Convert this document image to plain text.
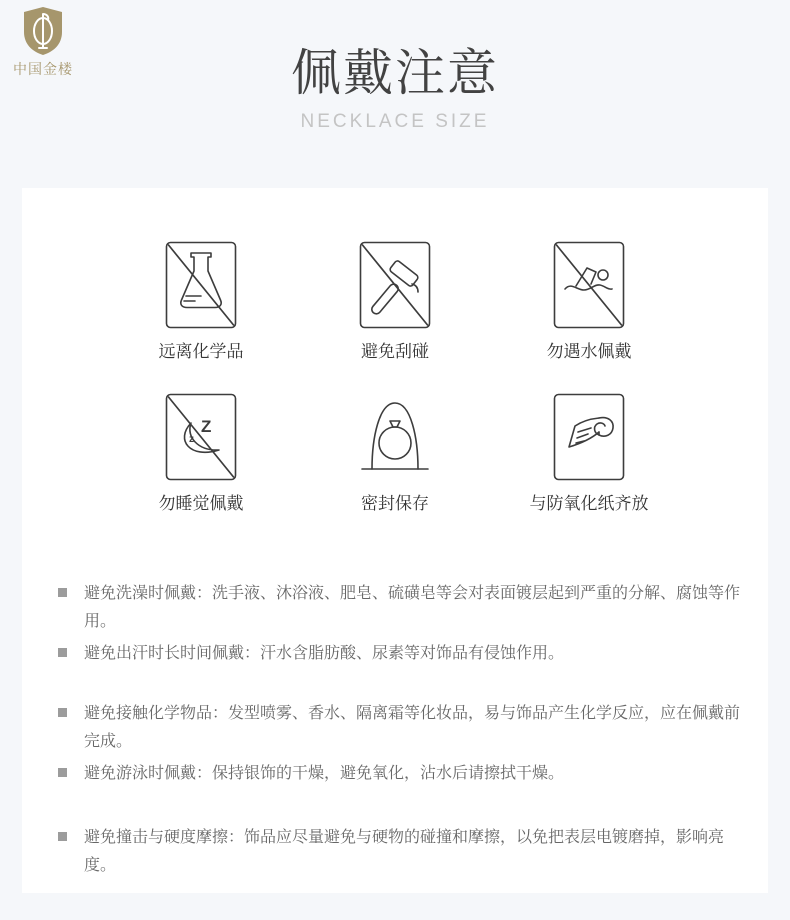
中国金楼	佩戴注意
NECKLACE SIZE
远离化学品	避免刮碰	勿遇水佩戴
Z
z
勿睡觉佩戴	密封保存	与防氧化纸齐放

避免洗澡时佩戴：洗手液、沐浴液、肥皂、硫磺皂等会对表面镀层起到严重的分解、腐蚀等作用。

避免出汗时长时间佩戴：汗水含脂肪酸、尿素等对饰品有侵蚀作用。

避免接触化学物品：发型喷雾、香水、隔离霜等化妆品，易与饰品产生化学反应，应在佩戴前完成。

避免游泳时佩戴：保持银饰的干燥，避免氧化，沾水后请擦拭干燥。

避免撞击与硬度摩擦：饰品应尽量避免与硬物的碰撞和摩擦，以免把表层电镀磨掉，影响亮度。
